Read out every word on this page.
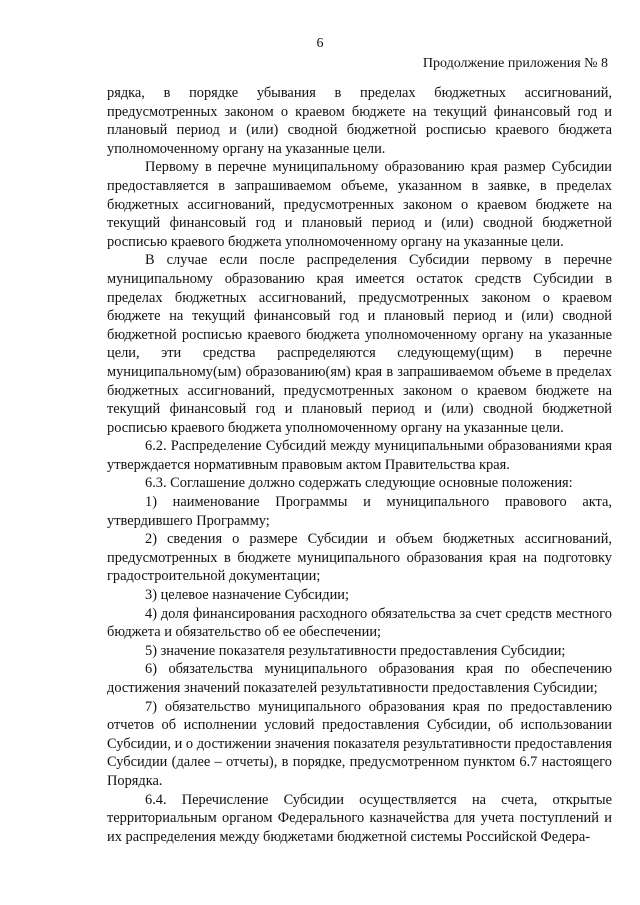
6
Продолжение приложения № 8

рядка, в порядке убывания в пределах бюджетных ассигнований, предусмотренных законом о краевом бюджете на текущий финансовый год и плановый период и (или) сводной бюджетной росписью краевого бюджета уполномоченному органу на указанные цели.

Первому в перечне муниципальному образованию края размер Субсидии предоставляется в запрашиваемом объеме, указанном в заявке, в пределах бюджетных ассигнований, предусмотренных законом о краевом бюджете на текущий финансовый год и плановый период и (или) сводной бюджетной росписью краевого бюджета уполномоченному органу на указанные цели.

В случае если после распределения Субсидии первому в перечне муниципальному образованию края имеется остаток средств Субсидии в пределах бюджетных ассигнований, предусмотренных законом о краевом бюджете на текущий финансовый год и плановый период и (или) сводной бюджетной росписью краевого бюджета уполномоченному органу на указанные цели, эти средства распределяются следующему(щим) в перечне муниципальному(ым) образованию(ям) края в запрашиваемом объеме в пределах бюджетных ассигнований, предусмотренных законом о краевом бюджете на текущий финансовый год и плановый период и (или) сводной бюджетной росписью краевого бюджета уполномоченному органу на указанные цели.

6.2. Распределение Субсидий между муниципальными образованиями края утверждается нормативным правовым актом Правительства края.

6.3. Соглашение должно содержать следующие основные положения:

1) наименование Программы и муниципального правового акта, утвердившего Программу;

2) сведения о размере Субсидии и объем бюджетных ассигнований, предусмотренных в бюджете муниципального образования края на подготовку градостроительной документации;

3) целевое назначение Субсидии;

4) доля финансирования расходного обязательства за счет средств местного бюджета и обязательство об ее обеспечении;

5) значение показателя результативности предоставления Субсидии;

6) обязательства муниципального образования края по обеспечению достижения значений показателей результативности предоставления Субсидии;

7) обязательство муниципального образования края по предоставлению отчетов об исполнении условий предоставления Субсидии, об использовании Субсидии, и о достижении значения показателя результативности предоставления Субсидии (далее – отчеты), в порядке, предусмотренном пунктом 6.7 настоящего Порядка.

6.4. Перечисление Субсидии осуществляется на счета, открытые территориальным органом Федерального казначейства для учета поступлений и их распределения между бюджетами бюджетной системы Российской Федера-
